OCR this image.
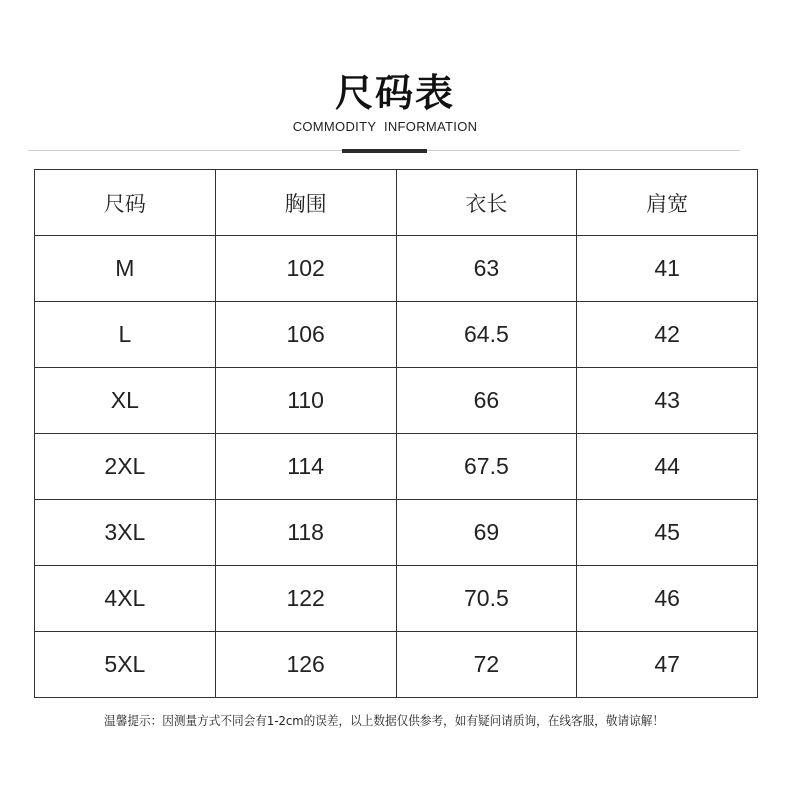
尺码表
COMMODITY INFORMATION
尺码	胸围	衣长	肩宽
M	102	63	41
L	106	64.5	42
XL	110	66	43
2XL	114	67.5	44
3XL	118	69	45
4XL	122	70.5	46
5XL	126	72	47
温馨提示：因测量方式不同会有1-2cm的误差，以上数据仅供参考，如有疑问请质询，在线客服，敬请谅解！
